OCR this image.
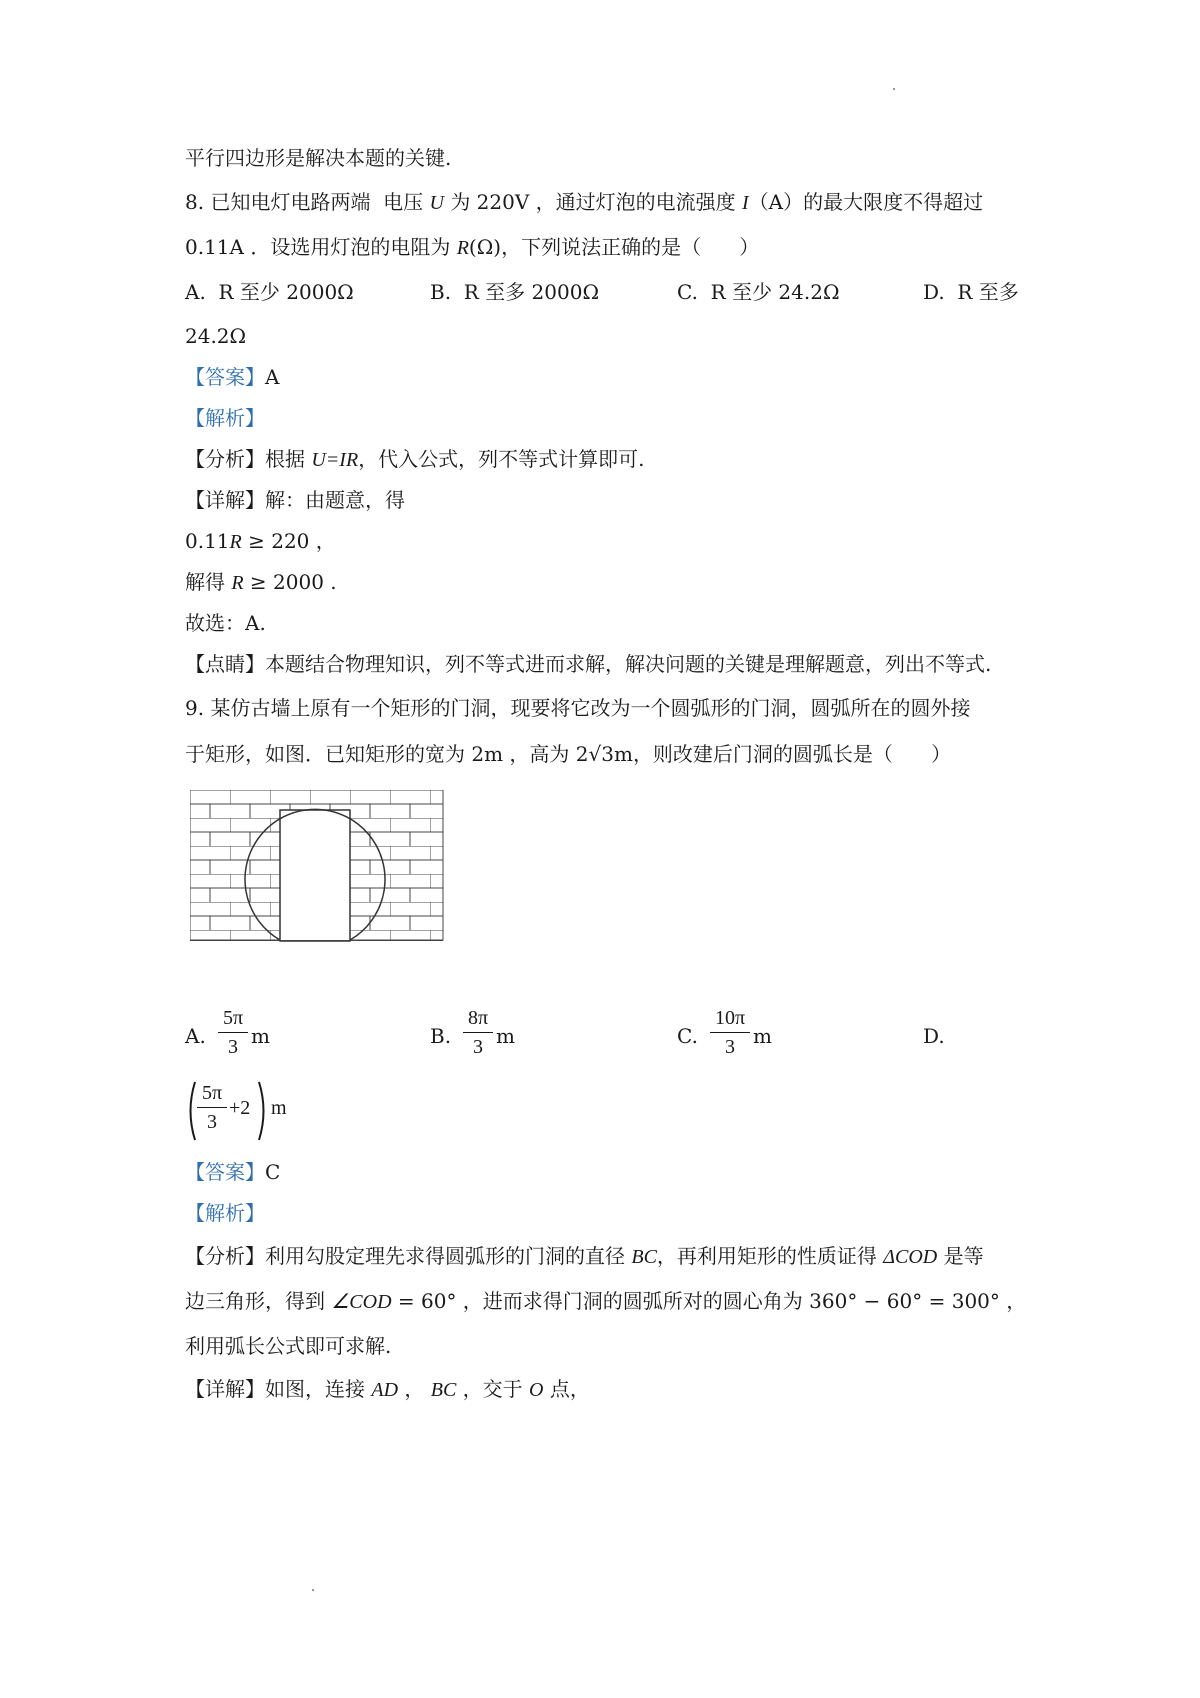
平行四边形是解决本题的关键.
8. 已知电灯电路两端  电压 U 为 220V ，通过灯泡的电流强度 I（A）的最大限度不得超过
0.11A ．设选用灯泡的电阻为 R(Ω)，下列说法正确的是（      ）
A.  R 至少 2000Ω	B.  R 至多 2000Ω	C.  R 至少 24.2Ω	D.  R 至多
24.2Ω
【答案】A
【解析】
【分析】根据 U=IR，代入公式，列不等式计算即可.
【详解】解：由题意，得
0.11R ≥ 220 ，
解得 R ≥ 2000 .
故选：A.
【点睛】本题结合物理知识，列不等式进而求解，解决问题的关键是理解题意，列出不等式.
9. 某仿古墙上原有一个矩形的门洞，现要将它改为一个圆弧形的门洞，圆弧所在的圆外接
于矩形，如图．已知矩形的宽为 2m ，高为 2√3m，则改建后门洞的圆弧长是（      ）
A.
5π
3 m	B.
8π
3 m	C.
10π
3 m	D.
5π
3
+2 m
【答案】C
【解析】
【分析】利用勾股定理先求得圆弧形的门洞的直径 BC，再利用矩形的性质证得 ΔCOD 是等
边三角形，得到 ∠COD = 60° ，进而求得门洞的圆弧所对的圆心角为 360° − 60° = 300° ，
利用弧长公式即可求解.
【详解】如图，连接 AD ， BC ，交于 O 点，
